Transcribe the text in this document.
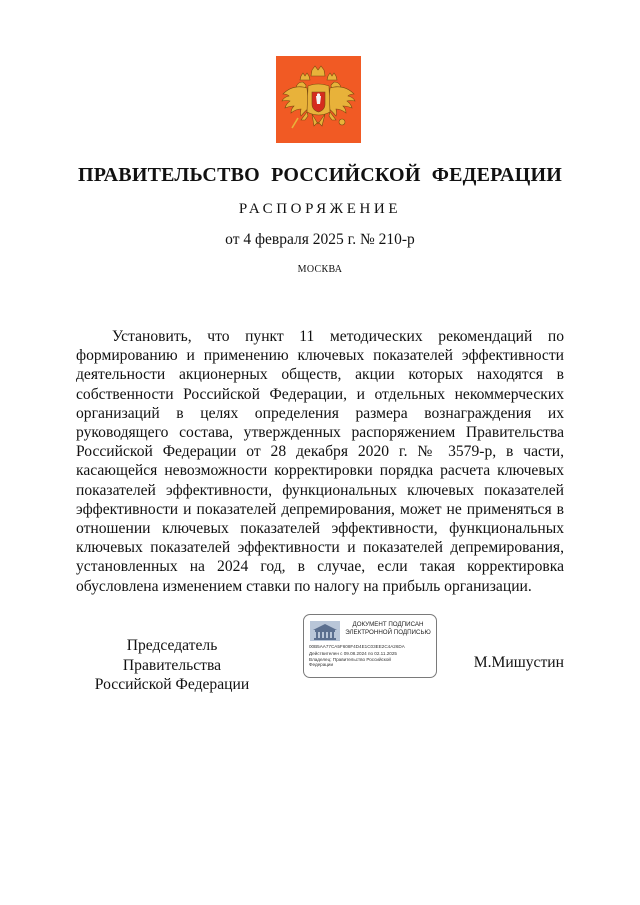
ПРАВИТЕЛЬСТВО РОССИЙСКОЙ ФЕДЕРАЦИИ
РАСПОРЯЖЕНИЕ
от 4 февраля 2025 г. № 210-р
МОСКВА

Установить, что пункт 11 методических рекомендаций по формированию и применению ключевых показателей эффективности деятельности акционерных обществ, акции которых находятся в собственности Российской Федерации, и отдельных некоммерческих организаций в целях определения размера вознаграждения их руководящего состава, утвержденных распоряжением Правительства Российской Федерации от 28 декабря 2020 г. № 3579-р, в части, касающейся невозможности корректировки порядка расчета ключевых показателей эффективности, функциональных ключевых показателей эффективности и показателей депремирования, может не применяться в отношении ключевых показателей эффективности, функциональных ключевых показателей эффективности и показателей депремирования, установленных на 2024 год, в случае, если такая корректировка обусловлена изменением ставки по налогу на прибыль организации.

Председатель Правительства
Российской Федерации
ДОКУМЕНТ ПОДПИСАН
ЭЛЕКТРОННОЙ ПОДПИСЬЮ
00B5AA77CA5F608F4D4E1C03EE2C4A26DA
Действителен с 09.08.2024 по 02.11.2025
Владелец: Правительство Российской
Федерации	М.Мишустин
